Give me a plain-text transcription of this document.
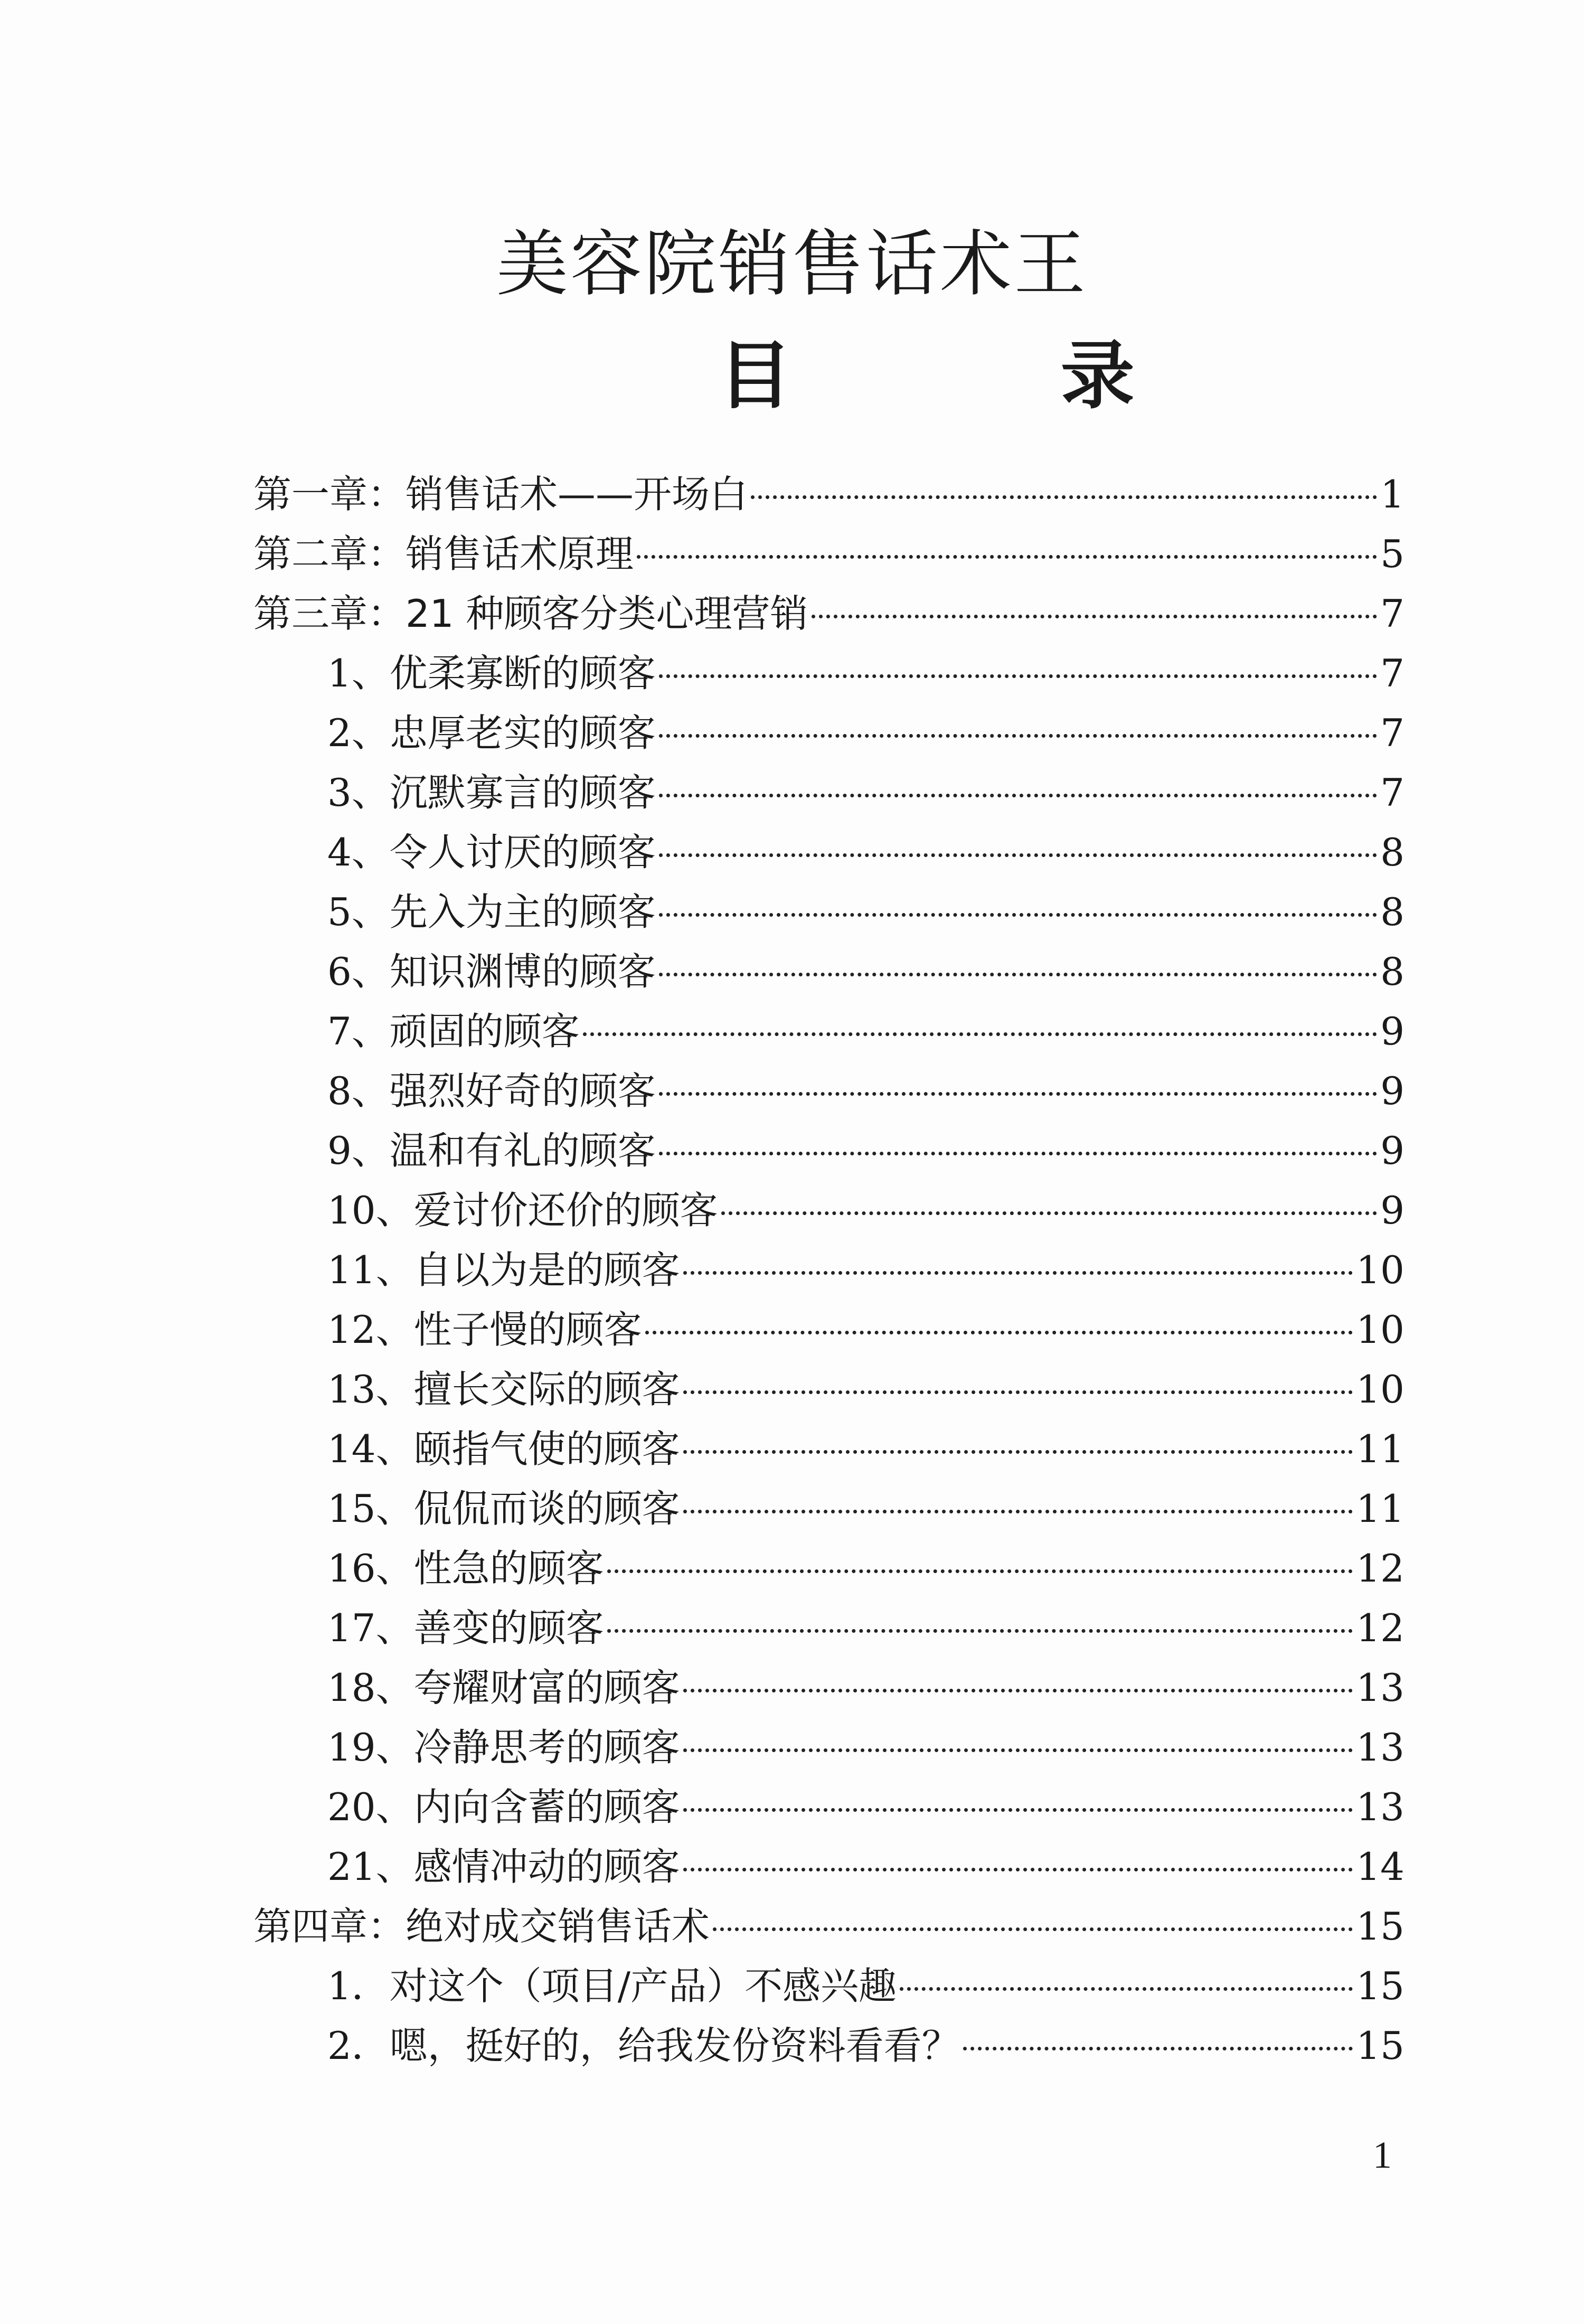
美容院销售话术王
目 录
第一章：销售话术——开场白	1
第二章：销售话术原理	5
第三章：21 种顾客分类心理营销	7
1、优柔寡断的顾客	7
2、忠厚老实的顾客	7
3、沉默寡言的顾客	7
4、令人讨厌的顾客	8
5、先入为主的顾客	8
6、知识渊博的顾客	8
7、顽固的顾客	9
8、强烈好奇的顾客	9
9、温和有礼的顾客	9
10、爱讨价还价的顾客	9
11、自以为是的顾客	10
12、性子慢的顾客	10
13、擅长交际的顾客	10
14、颐指气使的顾客	11
15、侃侃而谈的顾客	11
16、性急的顾客	12
17、善变的顾客	12
18、夸耀财富的顾客	13
19、冷静思考的顾客	13
20、内向含蓄的顾客	13
21、感情冲动的顾客	14
第四章：绝对成交销售话术	15
1．对这个（项目/产品）不感兴趣	15
2．嗯，挺好的，给我发份资料看看？	15
1
